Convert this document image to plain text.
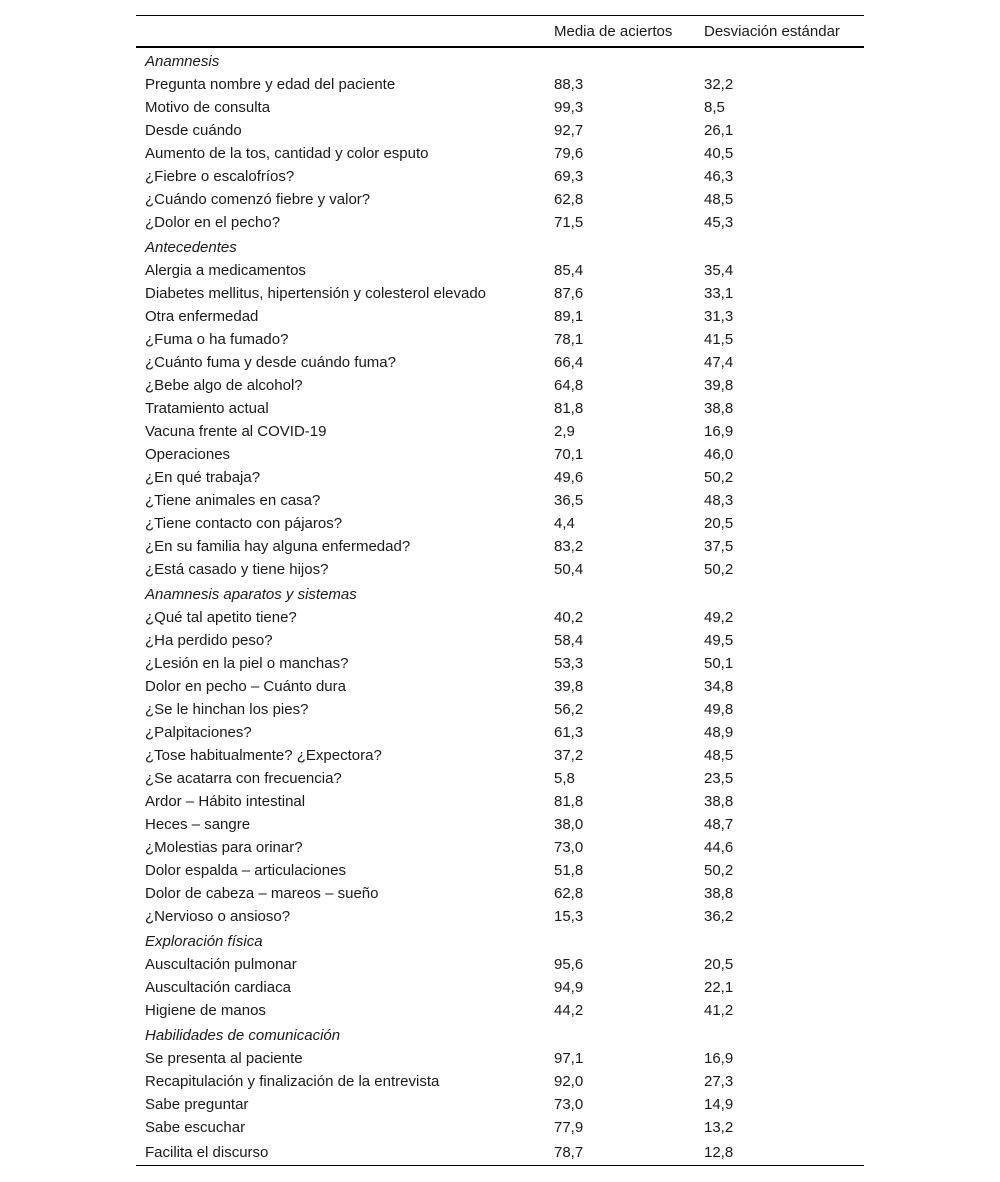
	Media de aciertos	Desviación estándar
Anamnesis		
Pregunta nombre y edad del paciente	88,3	32,2
Motivo de consulta	99,3	8,5
Desde cuándo	92,7	26,1
Aumento de la tos, cantidad y color esputo	79,6	40,5
¿Fiebre o escalofríos?	69,3	46,3
¿Cuándo comenzó fiebre y valor?	62,8	48,5
¿Dolor en el pecho?	71,5	45,3
Antecedentes		
Alergia a medicamentos	85,4	35,4
Diabetes mellitus, hipertensión y colesterol elevado	87,6	33,1
Otra enfermedad	89,1	31,3
¿Fuma o ha fumado?	78,1	41,5
¿Cuánto fuma y desde cuándo fuma?	66,4	47,4
¿Bebe algo de alcohol?	64,8	39,8
Tratamiento actual	81,8	38,8
Vacuna frente al COVID-19	2,9	16,9
Operaciones	70,1	46,0
¿En qué trabaja?	49,6	50,2
¿Tiene animales en casa?	36,5	48,3
¿Tiene contacto con pájaros?	4,4	20,5
¿En su familia hay alguna enfermedad?	83,2	37,5
¿Está casado y tiene hijos?	50,4	50,2
Anamnesis aparatos y sistemas		
¿Qué tal apetito tiene?	40,2	49,2
¿Ha perdido peso?	58,4	49,5
¿Lesión en la piel o manchas?	53,3	50,1
Dolor en pecho – Cuánto dura	39,8	34,8
¿Se le hinchan los pies?	56,2	49,8
¿Palpitaciones?	61,3	48,9
¿Tose habitualmente? ¿Expectora?	37,2	48,5
¿Se acatarra con frecuencia?	5,8	23,5
Ardor – Hábito intestinal	81,8	38,8
Heces – sangre	38,0	48,7
¿Molestias para orinar?	73,0	44,6
Dolor espalda – articulaciones	51,8	50,2
Dolor de cabeza – mareos – sueño	62,8	38,8
¿Nervioso o ansioso?	15,3	36,2
Exploración física		
Auscultación pulmonar	95,6	20,5
Auscultación cardiaca	94,9	22,1
Higiene de manos	44,2	41,2
Habilidades de comunicación		
Se presenta al paciente	97,1	16,9
Recapitulación y finalización de la entrevista	92,0	27,3
Sabe preguntar	73,0	14,9
Sabe escuchar	77,9	13,2
Facilita el discurso	78,7	12,8
